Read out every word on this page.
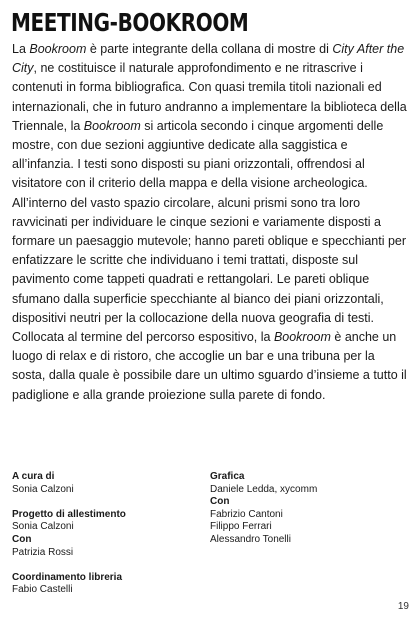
MEETING-BOOKROOM
La Bookroom è parte integrante della collana di mostre di City After the City, ne costituisce il naturale approfondimento e ne ritrascrive i contenuti in forma bibliografica. Con quasi tremila titoli nazionali ed internazionali, che in futuro andranno a implementare la biblioteca della Triennale, la Bookroom si articola secondo i cinque argomenti delle mostre, con due sezioni aggiuntive dedicate alla saggistica e all’infanzia. I testi sono disposti su piani orizzontali, offrendosi al visitatore con il criterio della mappa e della visione archeologica. All’interno del vasto spazio circolare, alcuni prismi sono tra loro ravvicinati per individuare le cinque sezioni e variamente disposti a formare un paesaggio mutevole; hanno pareti oblique e specchianti per enfatizzare le scritte che individuano i temi trattati, disposte sul pavimento come tappeti quadrati e rettangolari. Le pareti oblique sfumano dalla superficie specchiante al bianco dei piani orizzontali, dispositivi neutri per la collocazione della nuova geografia di testi. Collocata al termine del percorso espositivo, la Bookroom è anche un luogo di relax e di ristoro, che accoglie un bar e una tribuna per la sosta, dalla quale è possibile dare un ultimo sguardo d’insieme a tutto il padiglione e alla grande proiezione sulla parete di fondo.
A cura di
Sonia Calzoni
Progetto di allestimento
Sonia Calzoni
Con
Patrizia Rossi
Coordinamento libreria
Fabio Castelli
Grafica
Daniele Ledda, xycomm
Con
Fabrizio Cantoni
Filippo Ferrari
Alessandro Tonelli
19
